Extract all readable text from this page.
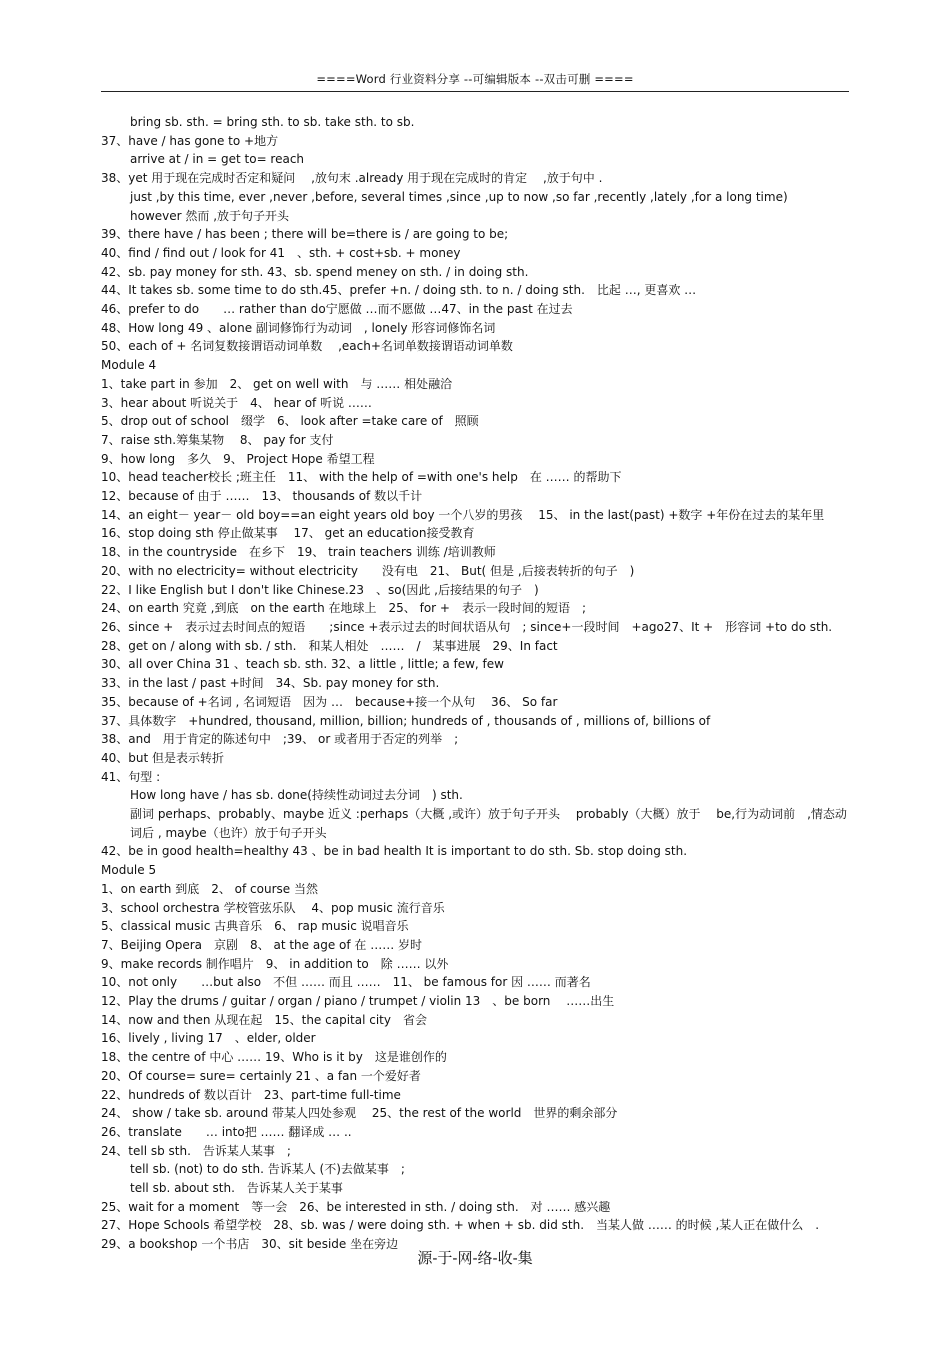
====Word 行业资料分享 --可编辑版本 --双击可删 ====
bring sb. sth. = bring sth. to sb. take sth. to sb.
37、have / has gone to +地方
arrive at / in = get to= reach
38、yet 用于现在完成时否定和疑问　 ,放句末 .already 用于现在完成时的肯定　 ,放于句中 .
just ,by this time, ever ,never ,before, several times ,since ,up to now ,so far ,recently ,lately ,for a long time)
however 然而 ,放于句子开头
39、there have / has been ; there will be=there is / are going to be;
40、find / find out / look for 41　、sth. + cost+sb. + money
42、sb. pay money for sth. 43、sb. spend meney on sth. / in doing sth.
44、It takes sb. some time to do sth.45、prefer +n. / doing sth. to n. / doing sth.　比起 …, 更喜欢 …
46、prefer to do　　… rather than do宁愿做 …而不愿做 …47、in the past 在过去
48、How long 49 、alone 副词修饰行为动词　, lonely 形容词修饰名词
50、each of + 名词复数接谓语动词单数　 ,each+名词单数接谓语动词单数
Module 4
1、take part in 参加　2、 get on well with　与 …… 相处融洽
3、hear about 听说关于　4、 hear of 听说 ……
5、drop out of school　缀学　6、 look after =take care of　照顾
7、raise sth.筹集某物　 8、 pay for 支付
9、how long　多久　9、 Project Hope 希望工程
10、head teacher校长 ;班主任　11、 with the help of =with one's help　在 …… 的帮助下
12、because of 由于 ……　13、 thousands of 数以千计
14、an eight－ year－ old boy==an eight years old boy 一个八岁的男孩　 15、 in the last(past) +数字 +年份在过去的某年里
16、stop doing sth 停止做某事　 17、 get an education接受教育
18、in the countryside　在乡下　19、 train teachers 训练 /培训教师
20、with no electricity= without electricity　　没有电　21、 But( 但是 ,后接表转折的句子　)
22、I like English but I don't like Chinese.23　、so(因此 ,后接结果的句子　)
24、on earth 究竟 ,到底　on the earth 在地球上　25、 for +　表示一段时间的短语　;
26、since +　表示过去时间点的短语　　;since +表示过去的时间状语从句　; since+一段时间　+ago27、It +　形容词 +to do sth.
28、get on / along with sb. / sth.　和某人相处　……　/　某事进展　29、In fact
30、all over China 31 、teach sb. sth. 32、a little , little; a few, few
33、in the last / past +时间　34、Sb. pay money for sth.
35、because of +名词 , 名词短语　因为 …　because+接一个从句　 36、 So far
37、具体数字　+hundred, thousand, million, billion; hundreds of , thousands of , millions of, billions of
38、and　用于肯定的陈述句中　;39、 or 或者用于否定的列举　;
40、but 但是表示转折
41、句型 :
How long have / has sb. done(持续性动词过去分词　) sth.
副词 perhaps、probably、maybe 近义 :perhaps（大概 ,或许）放于句子开头　 probably（大概）放于　 be,行为动词前　,情态动词后 , maybe（也许）放于句子开头
42、be in good health=healthy 43 、be in bad health It is important to do sth. Sb. stop doing sth.
Module 5
1、on earth 到底　2、 of course 当然
3、school orchestra 学校管弦乐队　 4、pop music 流行音乐
5、classical music 古典音乐　6、 rap music 说唱音乐
7、Beijing Opera　京剧　8、 at the age of 在 …… 岁时
9、make records 制作唱片　9、 in addition to　除 …… 以外
10、not only　　…but also　不但 …… 而且 ……　11、 be famous for 因 …… 而著名
12、Play the drums / guitar / organ / piano / trumpet / violin 13　、be born　 ……出生
14、now and then 从现在起　15、the capital city　省会
16、lively , living 17　、elder, older
18、the centre of 中心 …… 19、Who is it by　这是谁创作的
20、Of course= sure= certainly 21 、a fan 一个爱好者
22、hundreds of 数以百计　23、part-time full-time
24、 show / take sb. around 带某人四处参观　 25、the rest of the world　世界的剩余部分
26、translate　　… into把 …… 翻译成 … ..
24、tell sb sth.　告诉某人某事　;
tell sb. (not) to do sth. 告诉某人 (不)去做某事　;
tell sb. about sth.　告诉某人关于某事
25、wait for a moment　等一会　26、be interested in sth. / doing sth.　对 …… 感兴趣
27、Hope Schools 希望学校　28、sb. was / were doing sth. + when + sb. did sth.　当某人做 …… 的时候 ,某人正在做什么　.
29、a bookshop 一个书店　30、sit beside 坐在旁边
源-于-网-络-收-集
